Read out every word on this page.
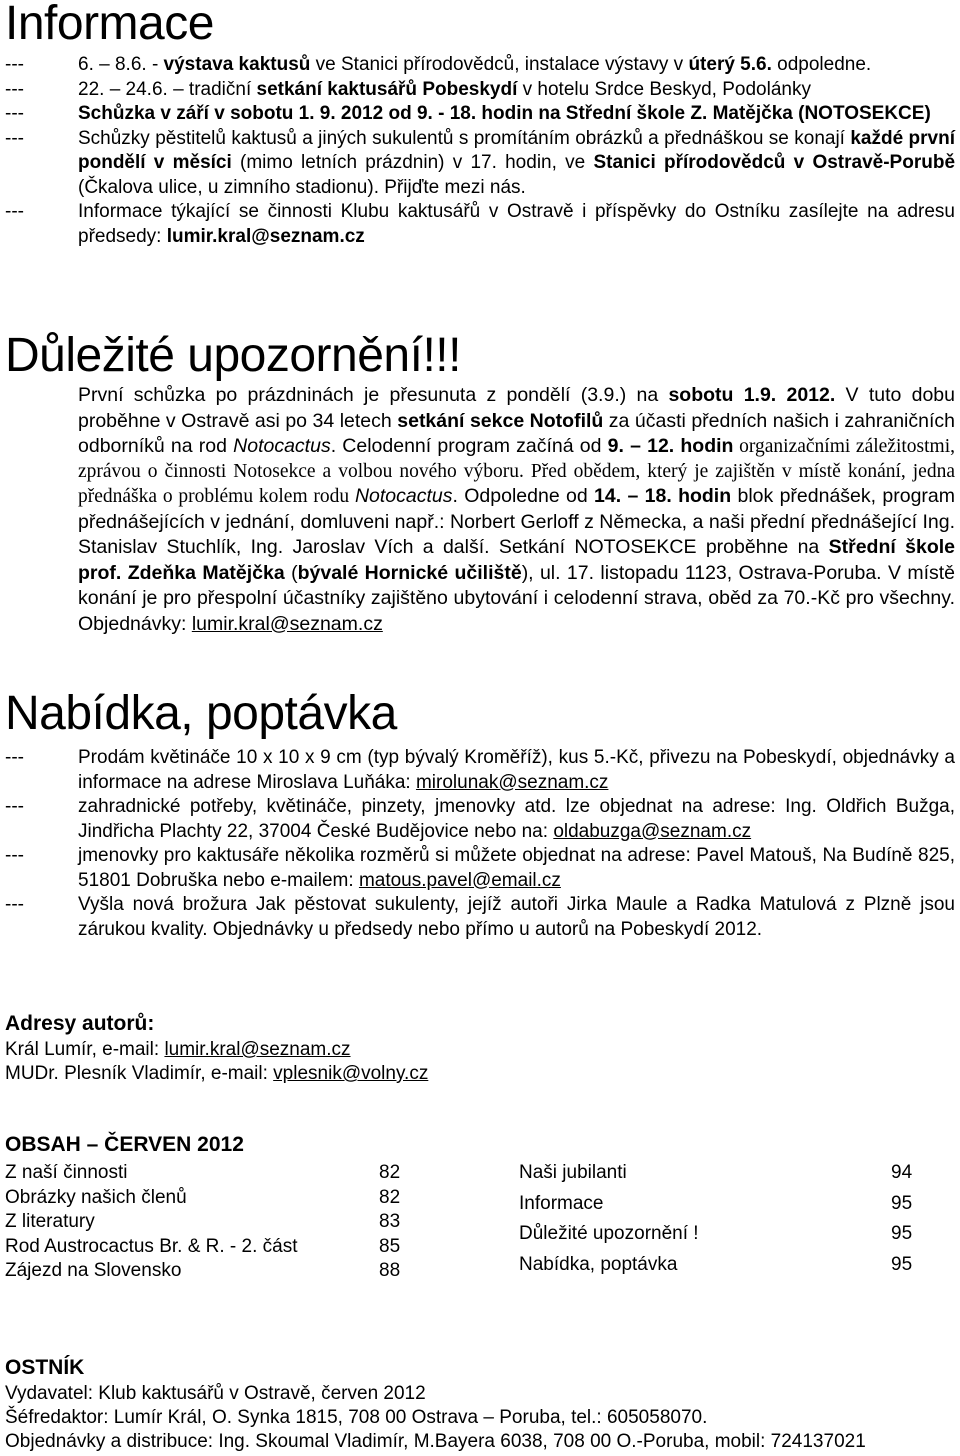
Informace
---	6. – 8.6. - výstava kaktusů ve Stanici přírodovědců, instalace výstavy v úterý 5.6. odpoledne.
---	22. – 24.6. – tradiční setkání kaktusářů Pobeskydí v hotelu Srdce Beskyd, Podolánky
---	Schůzka v září v sobotu 1. 9. 2012 od 9. - 18. hodin na Střední škole Z. Matějčka (NOTOSEKCE)
---	Schůzky pěstitelů kaktusů a jiných sukulentů s promítáním obrázků a přednáškou se konají každé první pondělí v měsíci (mimo letních prázdnin) v 17. hodin, ve Stanici přírodovědců v Ostravě-Porubě (Čkalova ulice, u zimního stadionu). Přijďte mezi nás.
---	Informace týkající se činnosti Klubu kaktusářů v Ostravě i příspěvky do Ostníku zasílejte na adresu předsedy: lumir.kral@seznam.cz
Důležité upozornění!!!
První schůzka po prázdninách je přesunuta z pondělí (3.9.) na sobotu 1.9. 2012. V tuto dobu proběhne v Ostravě asi po 34 letech setkání sekce Notofilů za účasti předních našich i zahraničních odborníků na rod Notocactus. Celodenní program začíná od 9. – 12. hodin organizačními záležitostmi, zprávou o činnosti Notosekce a volbou nového výboru. Před obědem, který je zajištěn v místě konání, jedna přednáška o problému kolem rodu Notocactus. Odpoledne od 14. – 18. hodin blok přednášek, program přednášejících v jednání, domluveni např.: Norbert Gerloff z Německa, a naši přední přednášející Ing. Stanislav Stuchlík, Ing. Jaroslav Vích a další. Setkání NOTOSEKCE proběhne na Střední škole prof. Zdeňka Matějčka (bývalé Hornické učiliště), ul. 17. listopadu 1123, Ostrava-Poruba. V místě konání je pro přespolní účastníky zajištěno ubytování i celodenní strava, oběd za 70.-Kč pro všechny. Objednávky: lumir.kral@seznam.cz
Nabídka, poptávka
---	Prodám květináče 10 x 10 x 9 cm (typ bývalý Kroměříž), kus 5.-Kč, přivezu na Pobeskydí, objednávky a informace na adrese Miroslava Luňáka: mirolunak@seznam.cz
---	zahradnické potřeby, květináče, pinzety, jmenovky atd. lze objednat na adrese: Ing. Oldřich Bužga, Jindřicha Plachty 22, 37004 České Budějovice nebo na: oldabuzga@seznam.cz
---	jmenovky pro kaktusáře několika rozměrů si můžete objednat na adrese: Pavel Matouš, Na Budíně 825, 51801 Dobruška nebo e-mailem: matous.pavel@email.cz
---	Vyšla nová brožura Jak pěstovat sukulenty, jejíž autoři Jirka Maule a Radka Matulová z Plzně jsou zárukou kvality. Objednávky u předsedy nebo přímo u autorů na Pobeskydí 2012.
Adresy autorů:
Král Lumír, e-mail: lumir.kral@seznam.cz
MUDr. Plesník Vladimír, e-mail: vplesnik@volny.cz
OBSAH – ČERVEN 2012
Z naší činnosti	82
Obrázky našich členů	82
Z literatury	83
Rod Austrocactus Br. & R. - 2. část	85
Zájezd na Slovensko	88
Naši jubilanti	94
Informace	95
Důležité upozornění !	95
Nabídka, poptávka	95
OSTNÍK
Vydavatel: Klub kaktusářů v Ostravě, červen 2012
Šéfredaktor: Lumír Král, O. Synka 1815, 708 00 Ostrava – Poruba, tel.: 605058070.
Objednávky a distribuce: Ing. Skoumal Vladimír, M.Bayera 6038, 708 00 O.-Poruba, mobil: 724137021
